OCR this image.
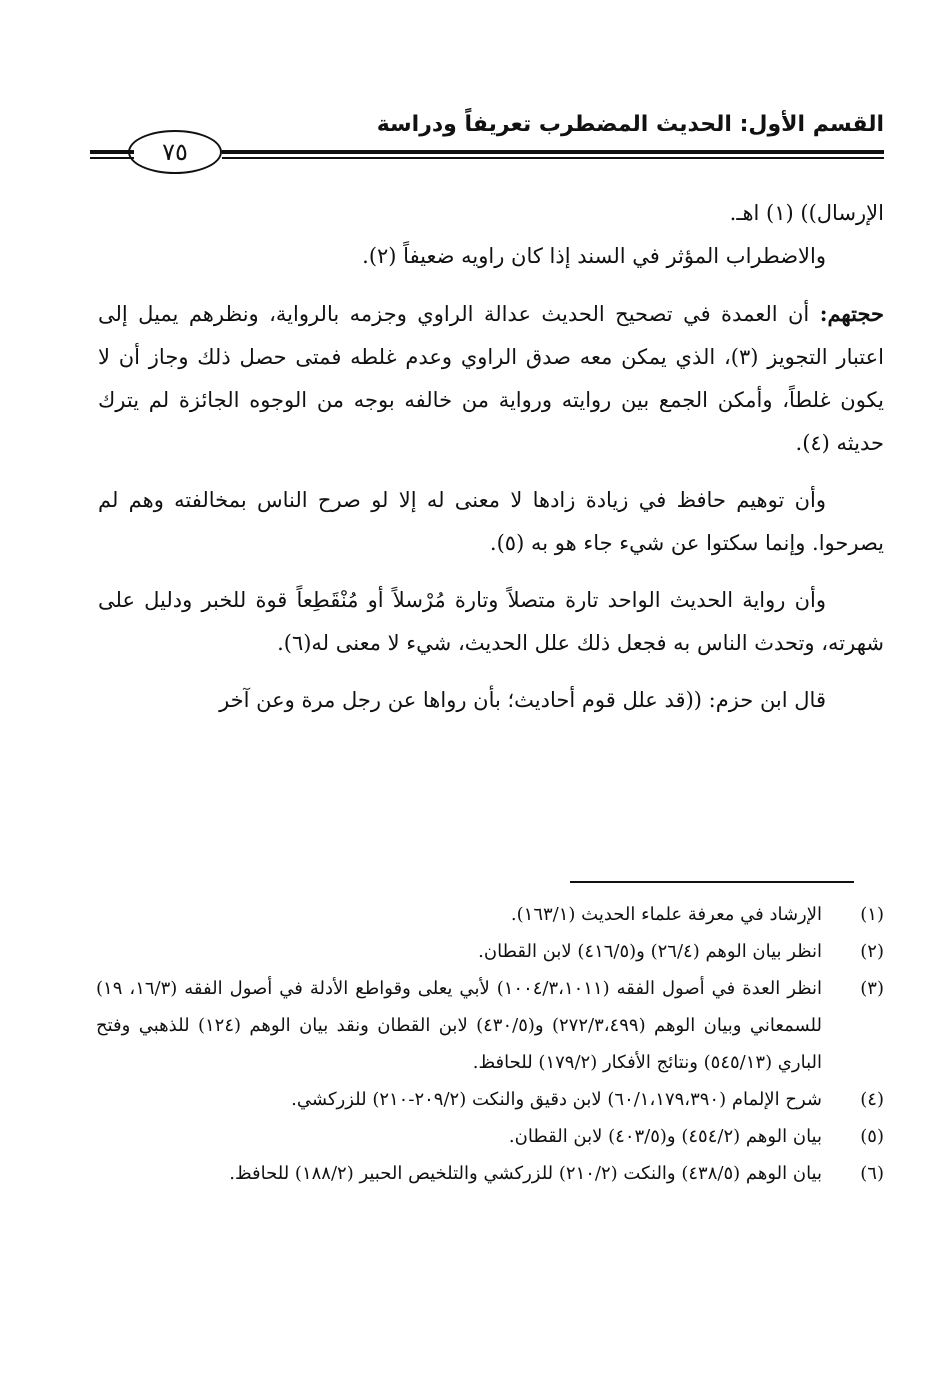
القسم الأول: الحديث المضطرب تعريفاً ودراسة
٧٥

الإرسال)) (١) اهـ.

والاضطراب المؤثر في السند إذا كان راويه ضعيفاً (٢).

حجتهم: أن العمدة في تصحيح الحديث عدالة الراوي وجزمه بالرواية، ونظرهم يميل إلى اعتبار التجويز (٣)، الذي يمكن معه صدق الراوي وعدم غلطه فمتى حصل ذلك وجاز أن لا يكون غلطاً، وأمكن الجمع بين روايته ورواية من خالفه بوجه من الوجوه الجائزة لم يترك حديثه (٤).

وأن توهيم حافظ في زيادة زادها لا معنى له إلا لو صرح الناس بمخالفته وهم لم يصرحوا. وإنما سكتوا عن شيء جاء هو به (٥).

وأن رواية الحديث الواحد تارة متصلاً وتارة مُرْسلاً أو مُنْقَطِعاً قوة للخبر ودليل على شهرته، وتحدث الناس به فجعل ذلك علل الحديث، شيء لا معنى له(٦).

قال ابن حزم: ((قد علل قوم أحاديث؛ بأن رواها عن رجل مرة وعن آخر

(١)
الإرشاد في معرفة علماء الحديث (١٦٣/١).
(٢)
انظر بيان الوهم (٢٦/٤) و(٤١٦/٥) لابن القطان.
(٣)
انظر العدة في أصول الفقه (١٠٠٤/٣،١٠١١) لأبي يعلى وقواطع الأدلة في أصول الفقه (١٦/٣، ١٩) للسمعاني وبيان الوهم (٢٧٢/٣،٤٩٩) و(٤٣٠/٥) لابن القطان ونقد بيان الوهم (١٢٤) للذهبي وفتح الباري (٥٤٥/١٣) ونتائج الأفكار (١٧٩/٢) للحافظ.
(٤)
شرح الإلمام (٦٠/١،١٧٩،٣٩٠) لابن دقيق والنكت (٢٠٩/٢-٢١٠) للزركشي.
(٥)
بيان الوهم (٤٥٤/٢) و(٤٠٣/٥) لابن القطان.
(٦)
بيان الوهم (٤٣٨/٥) والنكت (٢١٠/٢) للزركشي والتلخيص الحبير (١٨٨/٢) للحافظ.
